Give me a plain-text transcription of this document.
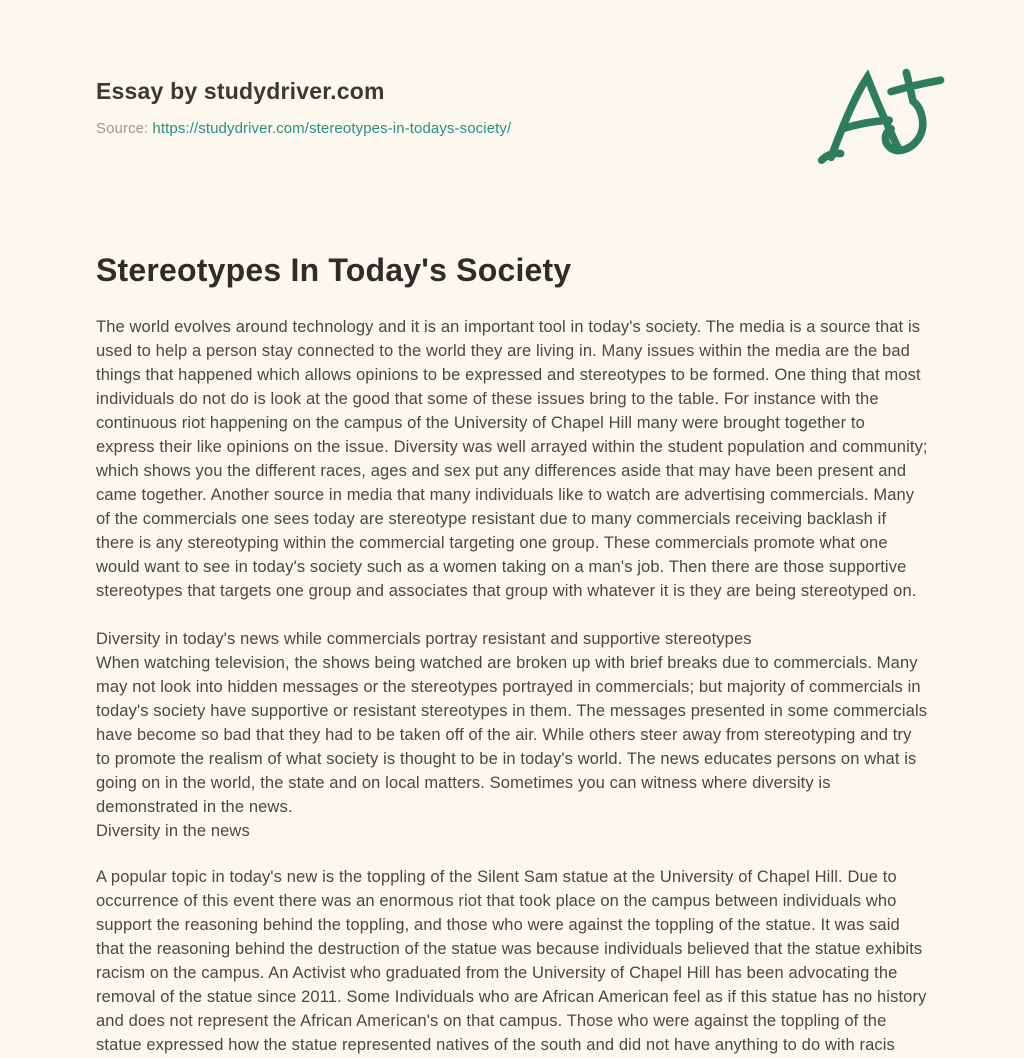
Essay by studydriver.com
Source: https://studydriver.com/stereotypes-in-todays-society/
Stereotypes In Today's Society

The world evolves around technology and it is an important tool in today's society. The media is a source that is used to help a person stay connected to the world they are living in. Many issues within the media are the bad things that happened which allows opinions to be expressed and stereotypes to be formed. One thing that most individuals do not do is look at the good that some of these issues bring to the table. For instance with the continuous riot happening on the campus of the University of Chapel Hill many were brought together to express their like opinions on the issue. Diversity was well arrayed within the student population and community; which shows you the different races, ages and sex put any differences aside that may have been present and came together. Another source in media that many individuals like to watch are advertising commercials. Many of the commercials one sees today are stereotype resistant due to many commercials receiving backlash if there is any stereotyping within the commercial targeting one group. These commercials promote what one would want to see in today's society such as a women taking on a man's job. Then there are those supportive stereotypes that targets one group and associates that group with whatever it is they are being stereotyped on.

Diversity in today's news while commercials portray resistant and supportive stereotypes

When watching television, the shows being watched are broken up with brief breaks due to commercials. Many may not look into hidden messages or the stereotypes portrayed in commercials; but majority of commercials in today's society have supportive or resistant stereotypes in them. The messages presented in some commercials have become so bad that they had to be taken off of the air. While others steer away from stereotyping and try to promote the realism of what society is thought to be in today's world. The news educates persons on what is going on in the world, the state and on local matters. Sometimes you can witness where diversity is demonstrated in the news.

Diversity in the news

A popular topic in today's new is the toppling of the Silent Sam statue at the University of Chapel Hill. Due to occurrence of this event there was an enormous riot that took place on the campus between individuals who support the reasoning behind the toppling, and those who were against the toppling of the statue. It was said that the reasoning behind the destruction of the statue was because individuals believed that the statue exhibits racism on the campus. An Activist who graduated from the University of Chapel Hill has been advocating the removal of the statue since 2011. Some Individuals who are African American feel as if this statue has no history and does not represent the African American's on that campus. Those who were against the toppling of the statue expressed how the statue represented natives of the south and did not have anything to do with racis
